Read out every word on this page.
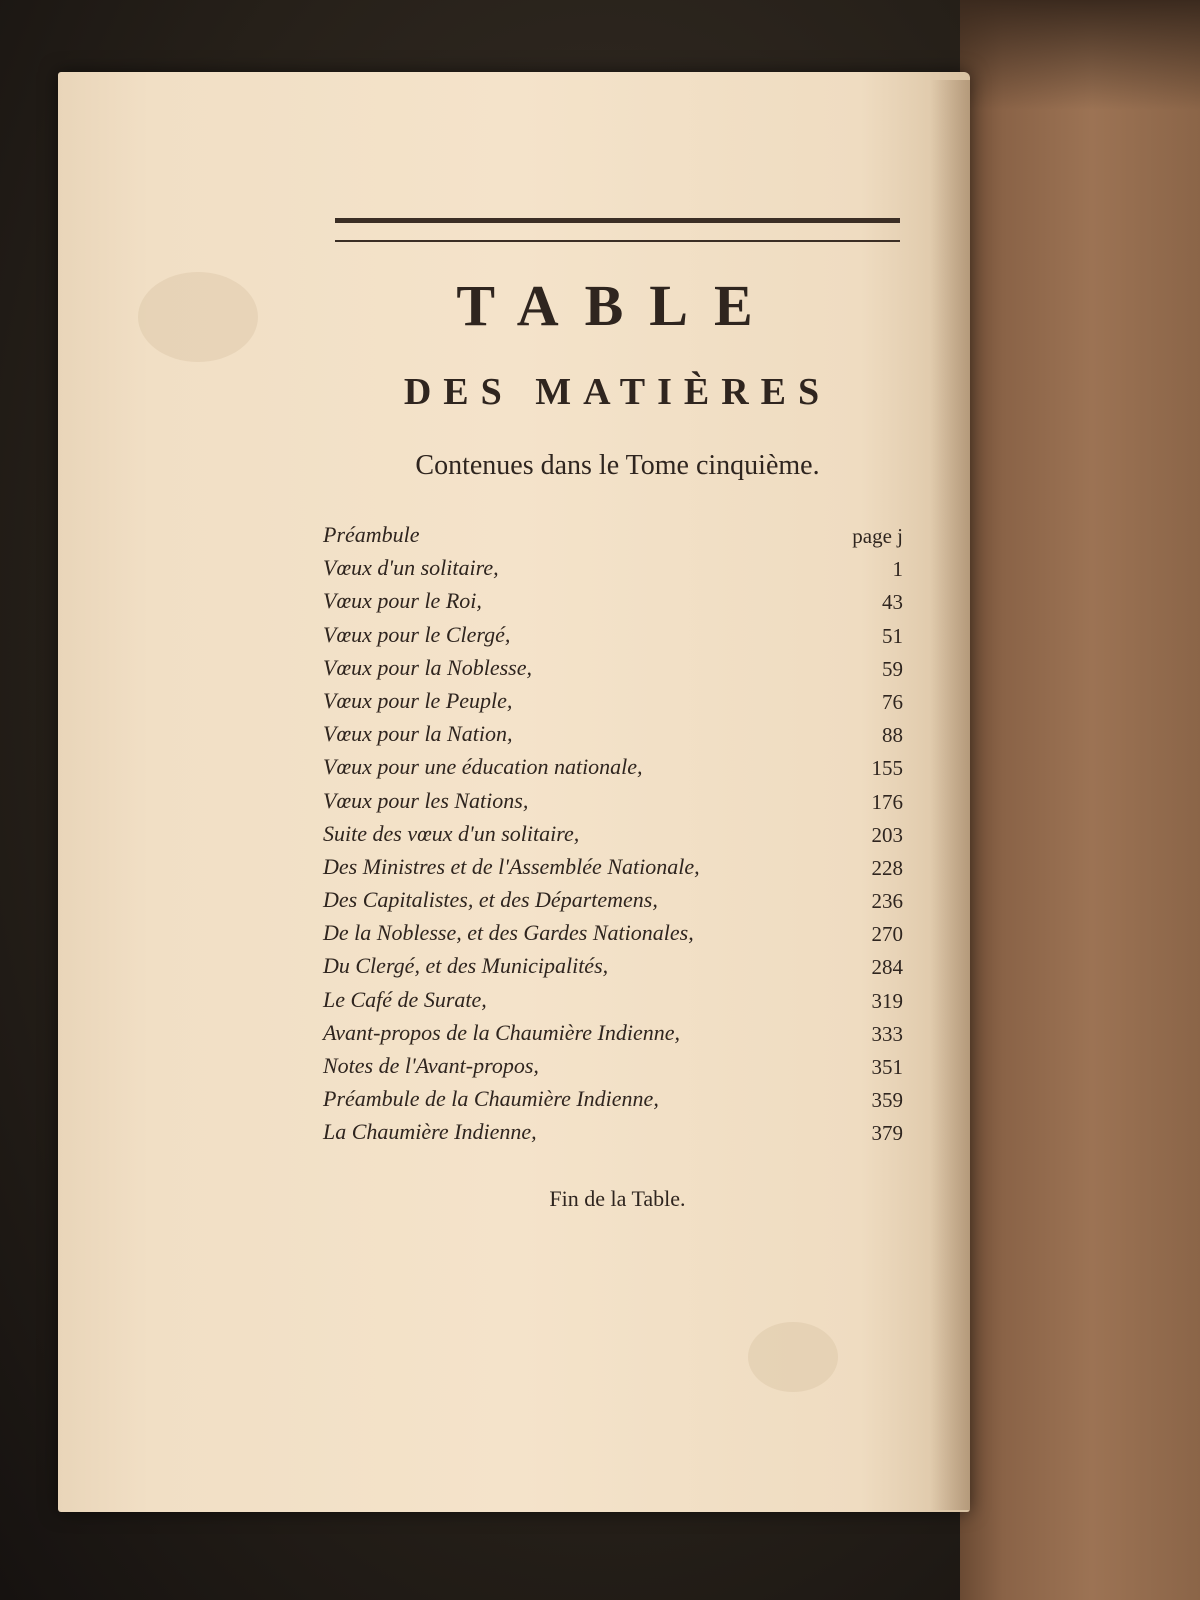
TABLE
DES MATIÈRES
Contenues dans le Tome cinquième.
Préambule	page j
Vœux d'un solitaire,	1
Vœux pour le Roi,	43
Vœux pour le Clergé,	51
Vœux pour la Noblesse,	59
Vœux pour le Peuple,	76
Vœux pour la Nation,	88
Vœux pour une éducation nationale,	155
Vœux pour les Nations,	176
Suite des vœux d'un solitaire,	203
Des Ministres et de l'Assemblée Nationale,	228
Des Capitalistes, et des Départemens,	236
De la Noblesse, et des Gardes Nationales,	270
Du Clergé, et des Municipalités,	284
Le Café de Surate,	319
Avant-propos de la Chaumière Indienne,	333
Notes de l'Avant-propos,	351
Préambule de la Chaumière Indienne,	359
La Chaumière Indienne,	379
Fin de la Table.
